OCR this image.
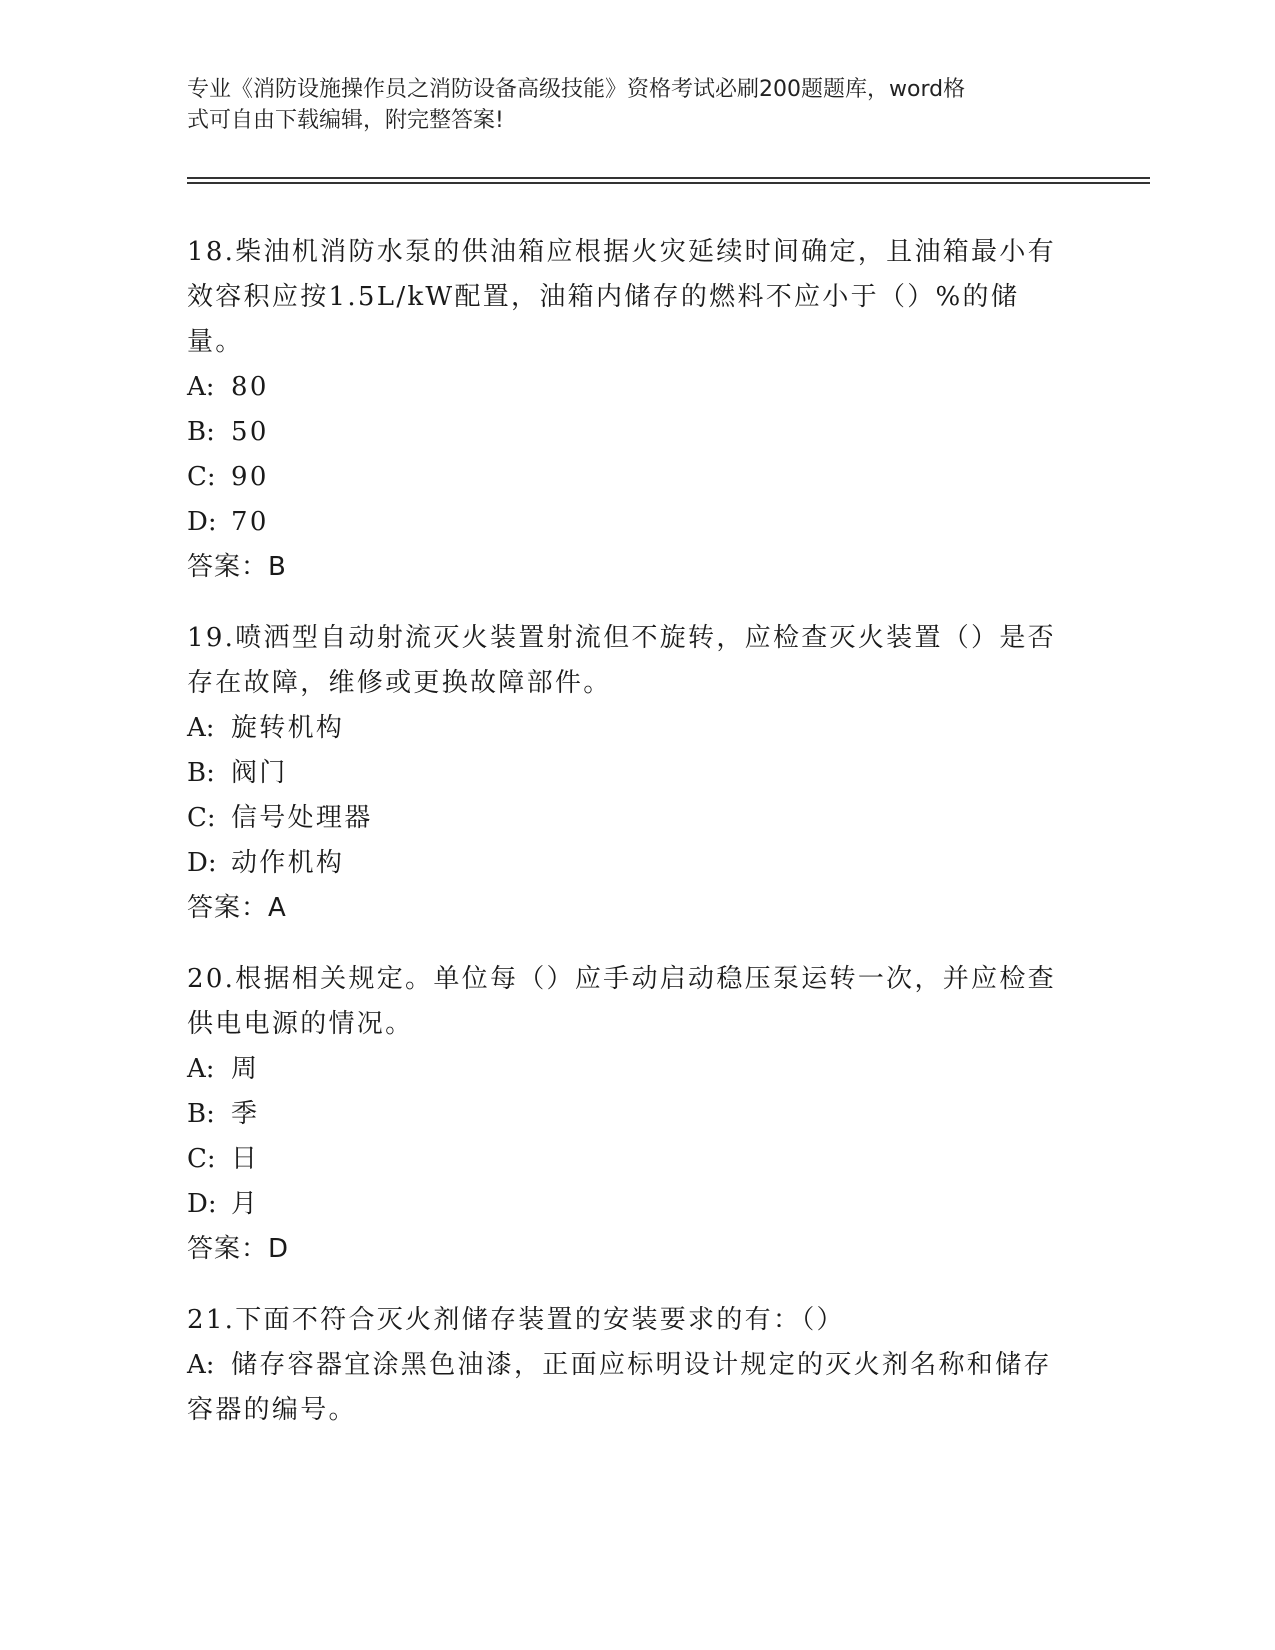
专业《消防设施操作员之消防设备高级技能》资格考试必刷200题题库，word格
式可自由下载编辑，附完整答案!
18.柴油机消防水泵的供油箱应根据火灾延续时间确定，且油箱最小有效容积应按1.5L/kW配置，油箱内储存的燃料不应小于（）%的储量。
A: 80
B: 50
C: 90
D: 70
答案：B
19.喷洒型自动射流灭火装置射流但不旋转，应检查灭火装置（）是否存在故障，维修或更换故障部件。
A: 旋转机构
B: 阀门
C: 信号处理器
D: 动作机构
答案：A
20.根据相关规定。单位每（）应手动启动稳压泵运转一次，并应检查供电电源的情况。
A: 周
B: 季
C: 日
D: 月
答案：D
21.下面不符合灭火剂储存装置的安装要求的有：（）
A: 储存容器宜涂黑色油漆，正面应标明设计规定的灭火剂名称和储存容器的编号。
